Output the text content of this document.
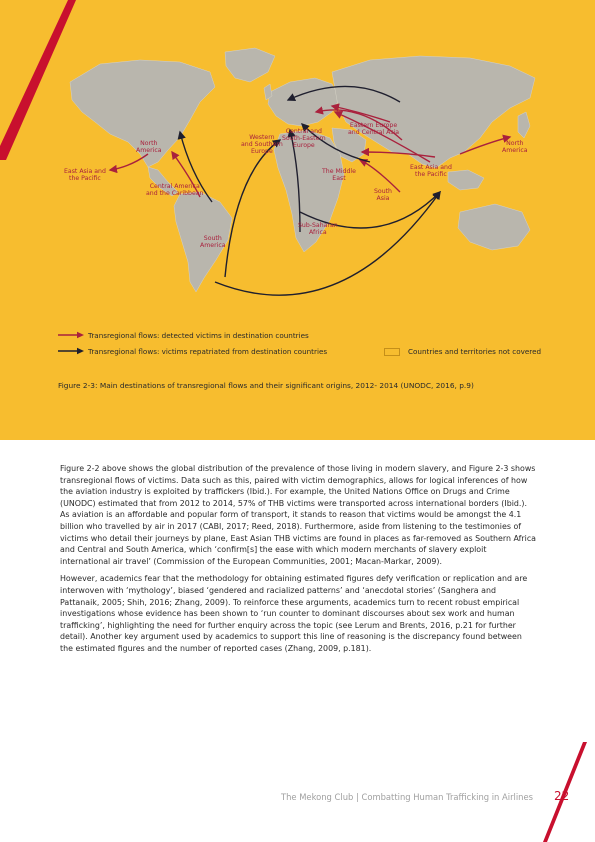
North
America
East Asia and
the Pacific
Central America
and the Caribbean
South
America
Western
and Southern
Europe
Central and
South-Eastern
Europe
Eastern Europe
and Central Asia
North
America
The Middle
East
East Asia and
the Pacific
South
Asia
Sub-Saharan
Africa
Transregional flows: detected victims in destination countries
Transregional flows: victims repatriated from destination countries	Countries and territories not covered
Figure 2-3: Main destinations of transregional flows and their significant origins, 2012- 2014 (UNODC, 2016, p.9)

Figure 2-2 above shows the global distribution of the prevalence of those living in modern slavery, and Figure 2-3 shows transregional flows of victims. Data such as this, paired with victim demographics, allows for logical inferences of how the aviation industry is exploited by traffickers (Ibid.). For example, the United Nations Office on Drugs and Crime (UNODC) estimated that from 2012 to 2014, 57% of THB victims were transported across international borders (Ibid.). As aviation is an affordable and popular form of transport, it stands to reason that victims would be amongst the 4.1 billion who travelled by air in 2017 (CABI, 2017; Reed, 2018). Furthermore, aside from listening to the testimonies of victims who detail their journeys by plane, East Asian THB victims are found in places as far-removed as Southern Africa and Central and South America, which ‘confirm[s] the ease with which modern merchants of slavery exploit international air travel’ (Commission of the European Communities, 2001; Macan-Markar, 2009).

However, academics fear that the methodology for obtaining estimated figures defy verification or replication and are interwoven with ‘mythology’, biased ‘gendered and racialized patterns’ and ‘anecdotal stories’ (Sanghera and Pattanaik, 2005; Shih, 2016; Zhang, 2009). To reinforce these arguments, academics turn to recent robust empirical investigations whose evidence has been shown to ‘run counter to dominant discourses about sex work and human trafficking’, highlighting the need for further enquiry across the topic (see Lerum and Brents, 2016, p.21 for further detail). Another key argument used by academics to support this line of reasoning is the discrepancy found between the estimated figures and the number of reported cases (Zhang, 2009, p.181).

The Mekong Club | Combatting Human Trafficking in Airlines 22
